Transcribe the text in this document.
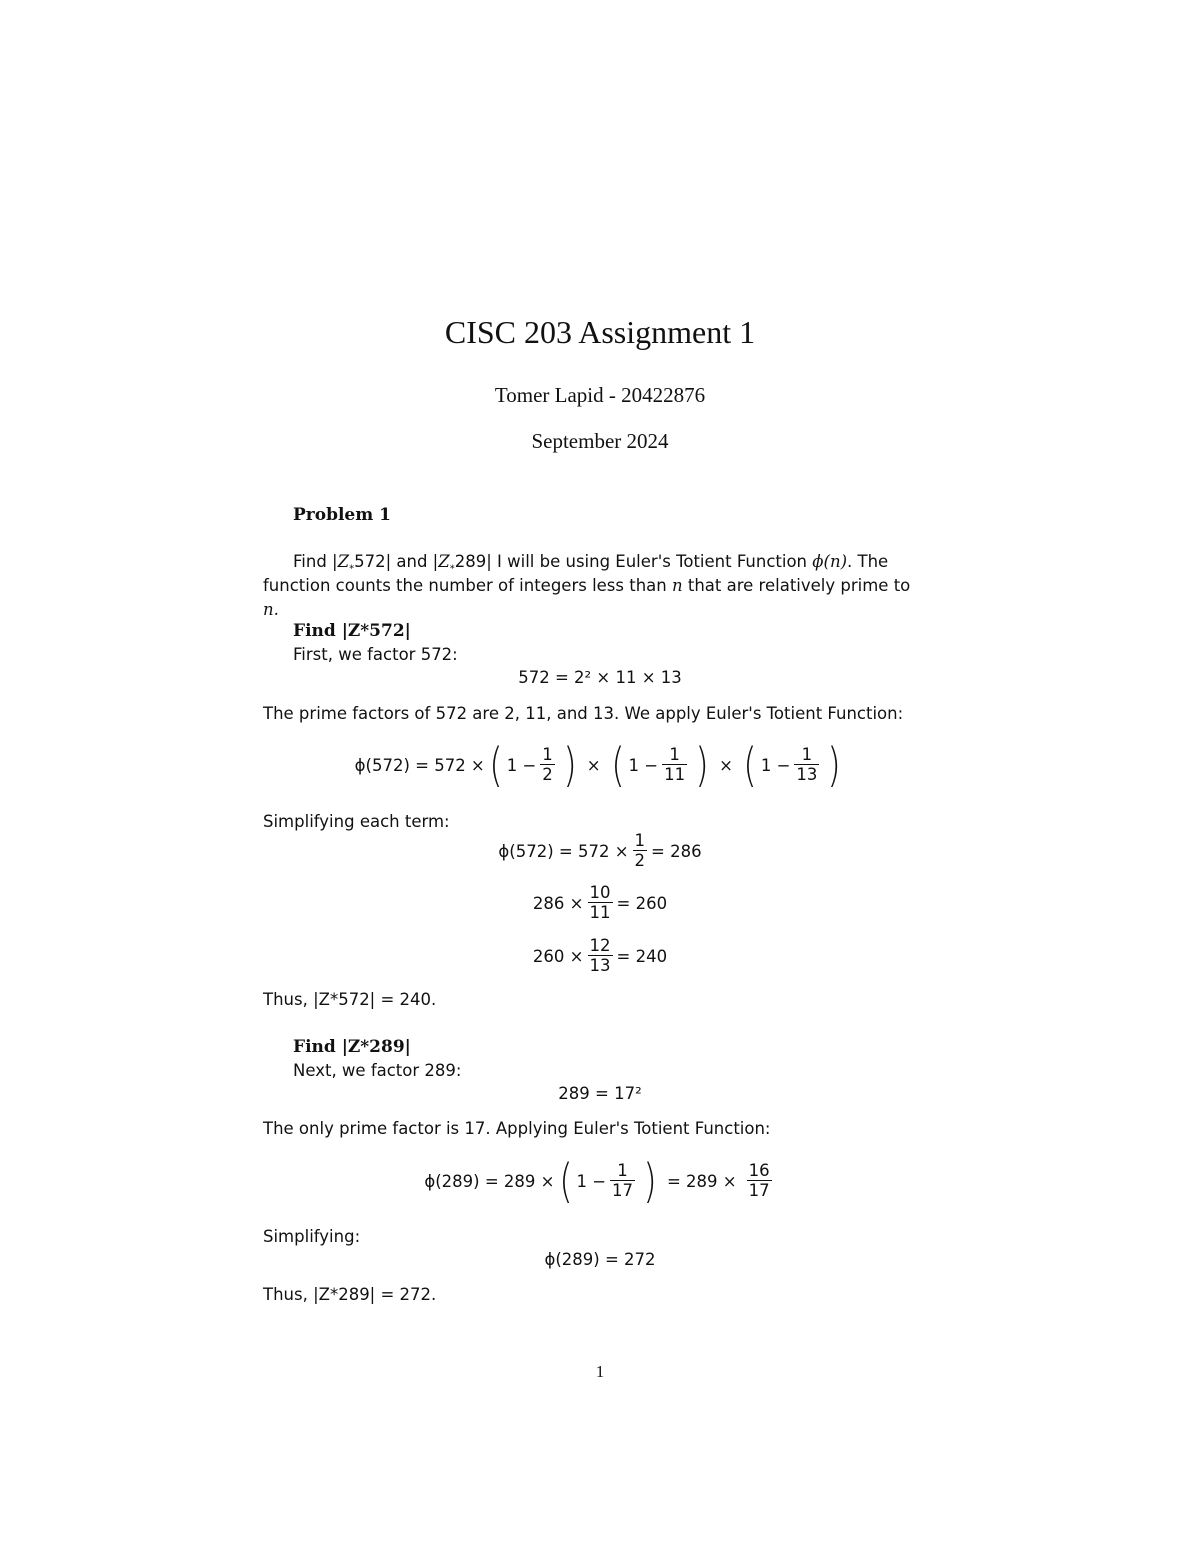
CISC 203 Assignment 1
Tomer Lapid - 20422876
September 2024
Problem 1
Find $|Z_*572|$ and $|Z_*289|$ I will be using Euler's Totient Function ϕ(n). The
function counts the number of integers less than n that are relatively prime to
n.
Find |Z*572|
First, we factor 572:
572 = 2² × 11 × 13
The prime factors of 572 are 2, 11, and 13. We apply Euler's Totient Function:
ϕ(572) = 572 × ( $1 - \frac{1}{2}$ ) × ( $1 - \frac{1}{11}$ ) × ( $1 - \frac{1}{13}$ )
Simplifying each term:
$\phi(572) = 572 \times \frac{1}{2} = 286$
$286 \times \frac{10}{11} = 260$
$260 \times \frac{12}{13} = 240$
Thus, |Z*572| = 240.
Find |Z*289|
Next, we factor 289:
289 = 17²
The only prime factor is 17. Applying Euler's Totient Function:
ϕ(289) = 289 × ( $1 - \frac{1}{17}$ ) = $289 \times \frac{16}{17}$
Simplifying:
ϕ(289) = 272
Thus, |Z*289| = 272.
1
